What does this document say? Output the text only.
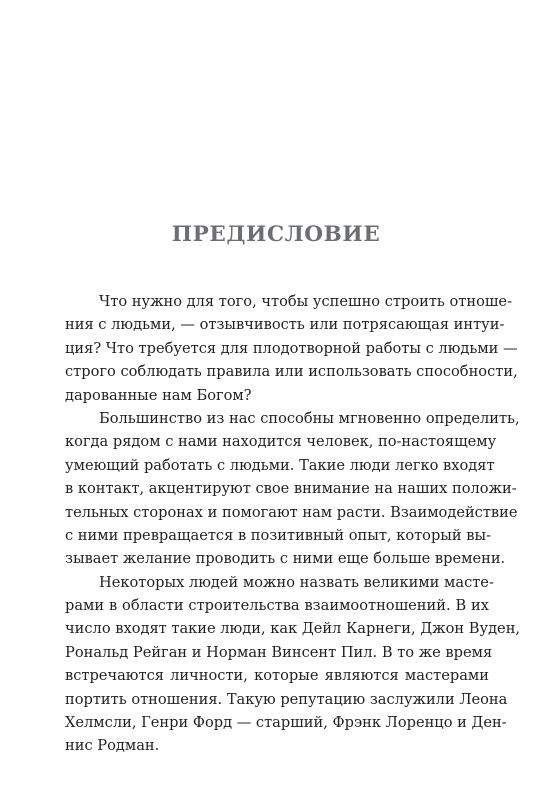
ПРЕДИСЛОВИЕ
Что нужно для того, чтобы успешно строить отноше-
ния с людьми, — отзывчивость или потрясающая интуи-
ция? Что требуется для плодотворной работы с людьми —
строго соблюдать правила или использовать способности,
дарованные нам Богом?
Большинство из нас способны мгновенно определить,
когда рядом с нами находится человек, по-настоящему
умеющий работать с людьми. Такие люди легко входят
в контакт, акцентируют свое внимание на наших положи-
тельных сторонах и помогают нам расти. Взаимодействие
с ними превращается в позитивный опыт, который вы-
зывает желание проводить с ними еще больше времени.
Некоторых людей можно назвать великими масте-
рами в области строительства взаимоотношений. В их
число входят такие люди, как Дейл Карнеги, Джон Вуден,
Рональд Рейган и Норман Винсент Пил. В то же время
встречаются личности, которые являются мастерами
портить отношения. Такую репутацию заслужили Леона
Хелмсли, Генри Форд — старший, Фрэнк Лоренцо и Ден-
нис Родман.
